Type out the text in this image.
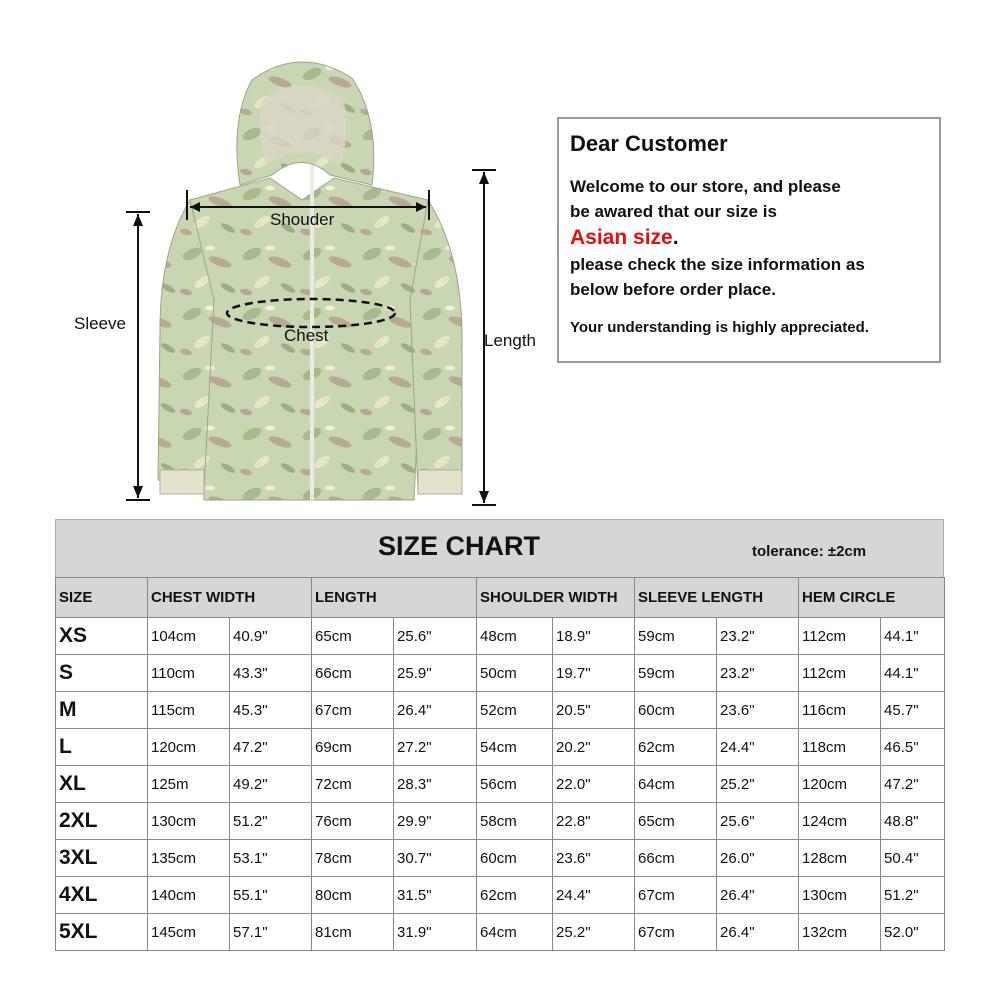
Shouder
Chest
Sleeve
Length
Dear Customer
Welcome to our store, and please
be awared that our size is
Asian size.
please check the size information as
below before order place.
Your understanding is highly appreciated.
SIZE CHART	tolerance: ±2cm
SIZE	CHEST WIDTH		LENGTH		SHOULDER WIDTH		SLEEVE LENGTH		HEM CIRCLE	
XS	104cm	40.9"	65cm	25.6"	48cm	18.9"	59cm	23.2"	112cm	44.1"
S	110cm	43.3"	66cm	25.9"	50cm	19.7"	59cm	23.2"	112cm	44.1"
M	115cm	45.3"	67cm	26.4"	52cm	20.5"	60cm	23.6"	116cm	45.7"
L	120cm	47.2"	69cm	27.2"	54cm	20.2"	62cm	24.4"	118cm	46.5"
XL	125m	49.2"	72cm	28.3"	56cm	22.0"	64cm	25.2"	120cm	47.2"
2XL	130cm	51.2"	76cm	29.9"	58cm	22.8"	65cm	25.6"	124cm	48.8"
3XL	135cm	53.1"	78cm	30.7"	60cm	23.6"	66cm	26.0"	128cm	50.4"
4XL	140cm	55.1"	80cm	31.5"	62cm	24.4"	67cm	26.4"	130cm	51.2"
5XL	145cm	57.1"	81cm	31.9"	64cm	25.2"	67cm	26.4"	132cm	52.0"
